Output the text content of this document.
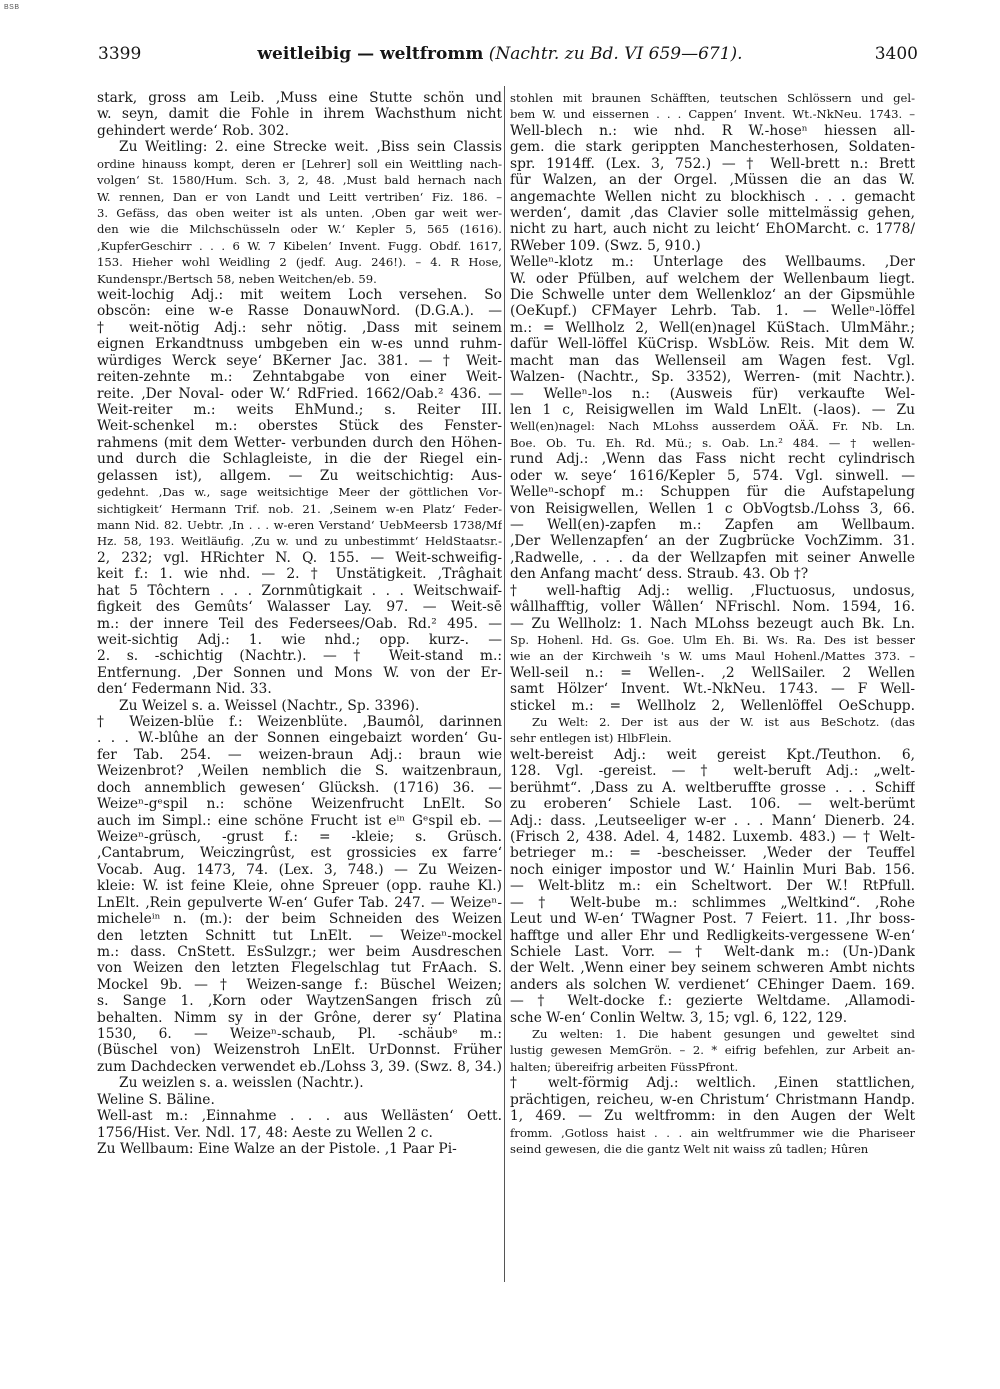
BSB
3399	weitleibig — weltfromm (Nachtr. zu Bd. VI 659—671).	3400
stark, gross am Leib. ‚Muss eine Stutte schön und
w. seyn, damit die Fohle in ihrem Wachsthum nicht
gehindert werde‘ Rob. 302.
Zu Weitling: 2. eine Strecke weit. ‚Biss sein Classis
ordine hinauss kompt, deren er [Lehrer] soll ein Weittling nach-
volgen‘ St. 1580/Hum. Sch. 3, 2, 48. ‚Must bald hernach nach
W. rennen, Dan er von Landt und Leitt vertriben‘ Fiz. 186. –
3. Gefäss, das oben weiter ist als unten. ‚Oben gar weit wer-
den wie die Milchschüsseln oder W.‘ Kepler 5, 565 (1616).
‚KupferGeschirr . . . 6 W. 7 Kibelen‘ Invent. Fugg. Obdf. 1617,
153. Hieher wohl Weidling 2 (jedf. Aug. 246!). – 4. R Hose,
Kundenspr./Bertsch 58, neben Weitchen/eb. 59.
weit-lochig Adj.: mit weitem Loch versehen. So
obscön: eine w-e Rasse DonauwNord. (D.G.A.). —
† weit-nötig Adj.: sehr nötig. ‚Dass mit seinem
eignen Erkandtnuss umbgeben ein w-es unnd ruhm-
würdiges Werck seye‘ BKerner Jac. 381. — † Weit-
reiten-zehnte m.: Zehntabgabe von einer Weit-
reite. ‚Der Noval- oder W.‘ RdFried. 1662/Oab.² 436. —
Weit-reiter m.: weits EhMund.; s. Reiter III.
Weit-schenkel m.: oberstes Stück des Fenster-
rahmens (mit dem Wetter- verbunden durch den Höhen-
und durch die Schlagleiste, in die der Riegel ein-
gelassen ist), allgem. — Zu weitschichtig: Aus-
gedehnt. ‚Das w., sage weitsichtige Meer der göttlichen Vor-
sichtigkeit‘ Hermann Trif. nob. 21. ‚Seinem w-en Platz‘ Feder-
mann Nid. 82. Uebtr. ‚In . . . w-eren Verstand‘ UebMeersb 1738/Mf
Hz. 58, 193. Weitläufig. ‚Zu w. und zu unbestimmt‘ HeldStaatsr.-
2, 232; vgl. HRichter N. Q. 155. — Weit-schweifig-
keit f.: 1. wie nhd. — 2. † Unstätigkeit. ‚Trâghait
hat 5 Tôchtern . . . Zornmûtigkait . . . Weitschwaif-
figkeit des Gemûts‘ Walasser Lay. 97. — Weit-sē
m.: der innere Teil des Federsees/Oab. Rd.² 495. —
weit-sichtig Adj.: 1. wie nhd.; opp. kurz-. —
2. s. -schichtig (Nachtr.). — † Weit-stand m.:
Entfernung. ‚Der Sonnen und Mons W. von der Er-
den‘ Federmann Nid. 33.
Zu Weizel s. a. Weissel (Nachtr., Sp. 3396).
† Weizen-blüe f.: Weizenblüte. ‚Baumôl, darinnen
. . . W.-blûhe an der Sonnen eingebaizt worden‘ Gu-
fer Tab. 254. — weizen-braun Adj.: braun wie
Weizenbrot? ‚Weilen nemblich die S. waitzenbraun,
doch annemblich gewesen‘ Glücksh. (1716) 36. —
Weizeⁿ-gᵉspil n.: schöne Weizenfrucht LnElt. So
auch im Simpl.: eine schöne Frucht ist eⁱⁿ Gᵉspil eb. —
Weizeⁿ-grüsch, -grust f.: = -kleie; s. Grüsch.
‚Cantabrum, Weiczingrûst, est grossicies ex farre‘
Vocab. Aug. 1473, 74. (Lex. 3, 748.) — Zu Weizen-
kleie: W. ist feine Kleie, ohne Spreuer (opp. rauhe Kl.)
LnElt. ‚Rein gepulverte W-en‘ Gufer Tab. 247. — Weizeⁿ-
micheleⁱⁿ n. (m.): der beim Schneiden des Weizen
den letzten Schnitt tut LnElt. — Weizeⁿ-mockel
m.: dass. CnStett. EsSulzgr.; wer beim Ausdreschen
von Weizen den letzten Flegelschlag tut FrAach. S.
Mockel 9b. — † Weizen-sange f.: Büschel Weizen;
s. Sange 1. ‚Korn oder WaytzenSangen frisch zû
behalten. Nimm sy in der Grône, derer sy‘ Platina
1530, 6. — Weizeⁿ-schaub, Pl. -schäubᵉ m.:
(Büschel von) Weizenstroh LnElt. UrDonnst. Früher
zum Dachdecken verwendet eb./Lohss 3, 39. (Swz. 8, 34.)
Zu weizlen s. a. weisslen (Nachtr.).
Weline S. Bäline.
Well-ast m.: ‚Einnahme . . . aus Wellästen‘ Oett.
1756/Hist. Ver. Ndl. 17, 48: Aeste zu Wellen 2 c.
Zu Wellbaum: Eine Walze an der Pistole. ‚1 Paar Pi-
stohlen mit braunen Schäfften, teutschen Schlössern und gel-
bem W. und eissernen . . . Cappen‘ Invent. Wt.-NkNeu. 1743. –
Well-blech n.: wie nhd. R W.-hoseⁿ hiessen all-
gem. die stark gerippten Manchesterhosen, Soldaten-
spr. 1914ff. (Lex. 3, 752.) — † Well-brett n.: Brett
für Walzen, an der Orgel. ‚Müssen die an das W.
angemachte Wellen nicht zu blockhisch . . . gemacht
werden‘, damit ‚das Clavier solle mittelmässig gehen,
nicht zu hart, auch nicht zu leicht‘ EhOMarcht. c. 1778/
RWeber 109. (Swz. 5, 910.)
Welleⁿ-klotz m.: Unterlage des Wellbaums. ‚Der
W. oder Pfülben, auf welchem der Wellenbaum liegt.
Die Schwelle unter dem Wellenkloz‘ an der Gipsmühle
(OeKupf.) CFMayer Lehrb. Tab. 1. — Welleⁿ-löffel
m.: = Wellholz 2, Well(en)nagel KüStach. UlmMähr.;
dafür Well-löffel KüCrisp. WsbLöw. Reis. Mit dem W.
macht man das Wellenseil am Wagen fest. Vgl.
Walzen- (Nachtr., Sp. 3352), Werren- (mit Nachtr.).
— Welleⁿ-los n.: (Ausweis für) verkaufte Wel-
len 1 c, Reisigwellen im Wald LnElt. (-laos). — Zu
Well(en)nagel: Nach MLohss ausserdem OÄÄ. Fr. Nb. Ln.
Boe. Ob. Tu. Eh. Rd. Mü.; s. Oab. Ln.² 484. — † wellen-
rund Adj.: ‚Wenn das Fass nicht recht cylindrisch
oder w. seye‘ 1616/Kepler 5, 574. Vgl. sinwell. —
Welleⁿ-schopf m.: Schuppen für die Aufstapelung
von Reisigwellen, Wellen 1 c ObVogtsb./Lohss 3, 66.
— Well(en)-zapfen m.: Zapfen am Wellbaum.
‚Der Wellenzapfen‘ an der Zugbrücke VochZimm. 31.
‚Radwelle, . . . da der Wellzapfen mit seiner Anwelle
den Anfang macht‘ dess. Straub. 43. Ob †?
† well-haftig Adj.: wellig. ‚Fluctuosus, undosus,
wâllhafftig, voller Wâllen‘ NFrischl. Nom. 1594, 16.
— Zu Wellholz: 1. Nach MLohss bezeugt auch Bk. Ln.
Sp. Hohenl. Hd. Gs. Goe. Ulm Eh. Bi. Ws. Ra. Des ist besser
wie an der Kirchweih 's W. ums Maul Hohenl./Mattes 373. –
Well-seil n.: = Wellen-. ‚2 WellSailer. 2 Wellen
samt Hölzer‘ Invent. Wt.-NkNeu. 1743. — F Well-
stickel m.: = Wellholz 2, Wellenlöffel OeSchupp.
Zu Welt: 2. Der ist aus der W. ist aus BeSchotz. (das
sehr entlegen ist) HlbFlein.
welt-bereist Adj.: weit gereist Kpt./Teuthon. 6,
128. Vgl. -gereist. — † welt-beruft Adj.: „welt-
berühmt“. ‚Dass zu A. weltberuffte grosse . . . Schiff
zu eroberen‘ Schiele Last. 106. — welt-berümt
Adj.: dass. ‚Leutseeliger w-er . . . Mann‘ Dienerb. 24.
(Frisch 2, 438. Adel. 4, 1482. Luxemb. 483.) — † Welt-
betrieger m.: = -bescheisser. ‚Weder der Teuffel
noch einiger impostor und W.‘ Hainlin Muri Bab. 156.
— Welt-blitz m.: ein Scheltwort. Der W.! RtPfull.
— † Welt-bube m.: schlimmes „Weltkind“. ‚Rohe
Leut und W-en‘ TWagner Post. 7 Feiert. 11. ‚Ihr boss-
hafftge und aller Ehr und Redligkeits-vergessene W-en‘
Schiele Last. Vorr. — † Welt-dank m.: (Un-)Dank
der Welt. ‚Wenn einer bey seinem schweren Ambt nichts
anders als solchen W. verdienet‘ CEhinger Daem. 169.
— † Welt-docke f.: gezierte Weltdame. ‚Allamodi-
sche W-en‘ Conlin Weltw. 3, 15; vgl. 6, 122, 129.
Zu welten: 1. Die habent gesungen und geweltet sind
lustig gewesen MemGrön. – 2. * eifrig befehlen, zur Arbeit an-
halten; übereifrig arbeiten FüssPfront.
† welt-förmig Adj.: weltlich. ‚Einen stattlichen,
prächtigen, reicheu, w-en Christum‘ Christmann Handp.
1, 469. — Zu weltfromm: in den Augen der Welt
fromm. ‚Gotloss haist . . . ain weltfrummer wie die Phariseer
seind gewesen, die die gantz Welt nit waiss zû tadlen; Hûren
